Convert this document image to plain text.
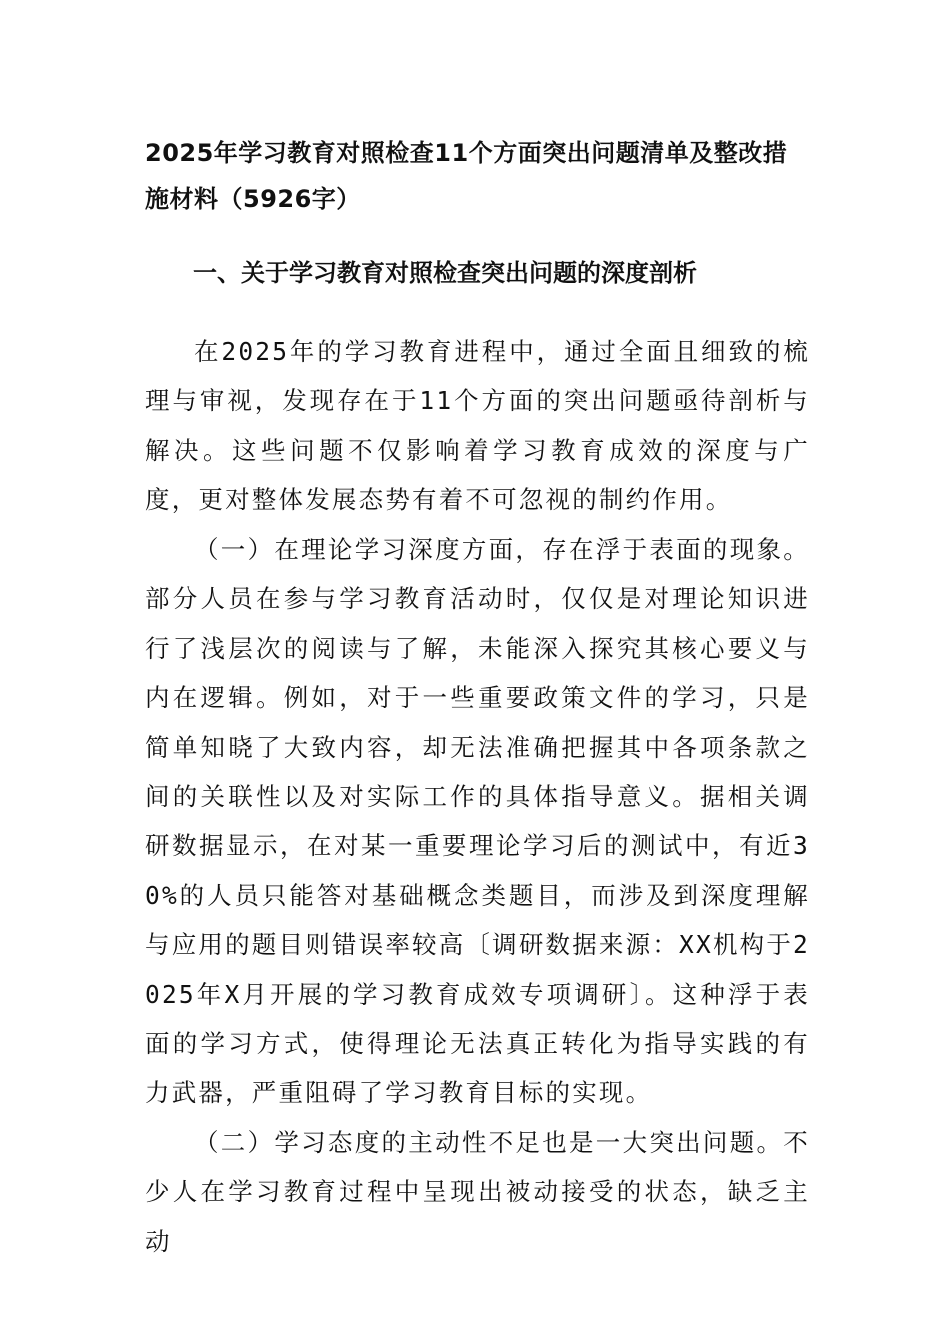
2025年学习教育对照检查11个方面突出问题清单及整改措施材料（5926字）
一、关于学习教育对照检查突出问题的深度剖析

在2025年的学习教育进程中，通过全面且细致的梳理与审视，发现存在于11个方面的突出问题亟待剖析与解决。这些问题不仅影响着学习教育成效的深度与广度，更对整体发展态势有着不可忽视的制约作用。

（一）在理论学习深度方面，存在浮于表面的现象。部分人员在参与学习教育活动时，仅仅是对理论知识进行了浅层次的阅读与了解，未能深入探究其核心要义与内在逻辑。例如，对于一些重要政策文件的学习，只是简单知晓了大致内容，却无法准确把握其中各项条款之间的关联性以及对实际工作的具体指导意义。据相关调研数据显示，在对某一重要理论学习后的测试中，有近30%的人员只能答对基础概念类题目，而涉及到深度理解与应用的题目则错误率较高〔调研数据来源：XX机构于2025年X月开展的学习教育成效专项调研〕。这种浮于表面的学习方式，使得理论无法真正转化为指导实践的有力武器，严重阻碍了学习教育目标的实现。

（二）学习态度的主动性不足也是一大突出问题。不少人在学习教育过程中呈现出被动接受的状态，缺乏主动
